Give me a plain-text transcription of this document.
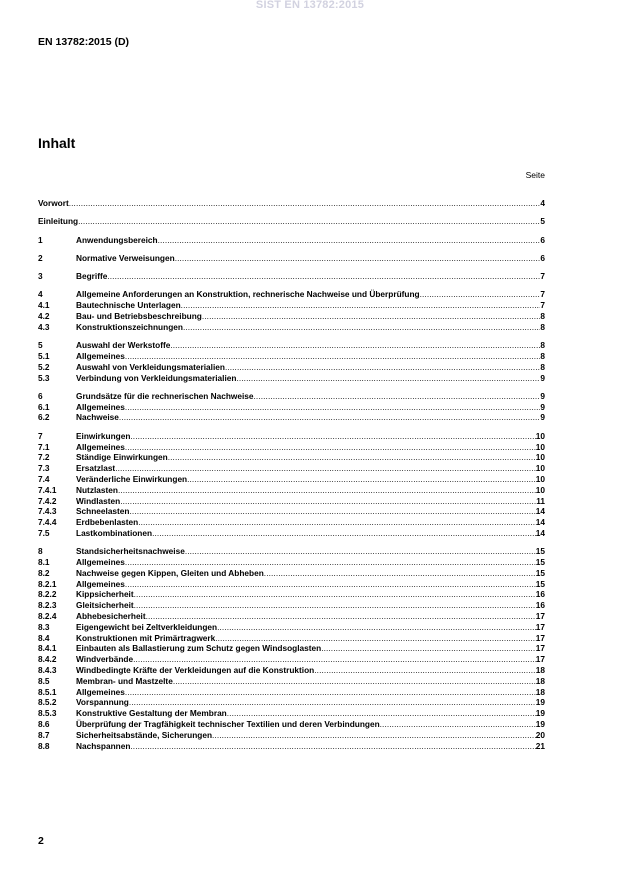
SIST EN 13782:2015
EN 13782:2015 (D)
Inhalt
Seite
Vorwort .....	4
Einleitung .....	5
1	Anwendungsbereich .....	6
2	Normative Verweisungen .....	6
3	Begriffe .....	7
4	Allgemeine Anforderungen an Konstruktion, rechnerische Nachweise und Überprüfung .....	7
4.1	Bautechnische Unterlagen .....	7
4.2	Bau- und Betriebsbeschreibung .....	8
4.3	Konstruktionszeichnungen .....	8
5	Auswahl der Werkstoffe .....	8
5.1	Allgemeines .....	8
5.2	Auswahl von Verkleidungsmaterialien .....	8
5.3	Verbindung von Verkleidungsmaterialien .....	9
6	Grundsätze für die rechnerischen Nachweise .....	9
6.1	Allgemeines .....	9
6.2	Nachweise .....	9
7	Einwirkungen .....	10
7.1	Allgemeines .....	10
7.2	Ständige Einwirkungen .....	10
7.3	Ersatzlast .....	10
7.4	Veränderliche Einwirkungen .....	10
7.4.1	Nutzlasten .....	10
7.4.2	Windlasten .....	11
7.4.3	Schneelasten .....	14
7.4.4	Erdbebenlasten .....	14
7.5	Lastkombinationen .....	14
8	Standsicherheitsnachweise .....	15
8.1	Allgemeines .....	15
8.2	Nachweise gegen Kippen, Gleiten und Abheben .....	15
8.2.1	Allgemeines .....	15
8.2.2	Kippsicherheit .....	16
8.2.3	Gleitsicherheit .....	16
8.2.4	Abhebesicherheit .....	17
8.3	Eigengewicht bei Zeltverkleidungen .....	17
8.4	Konstruktionen mit Primärtragwerk .....	17
8.4.1	Einbauten als Ballastierung zum Schutz gegen Windsoglasten .....	17
8.4.2	Windverbände .....	17
8.4.3	Windbedingte Kräfte der Verkleidungen auf die Konstruktion .....	18
8.5	Membran- und Mastzelte .....	18
8.5.1	Allgemeines .....	18
8.5.2	Vorspannung .....	19
8.5.3	Konstruktive Gestaltung der Membran .....	19
8.6	Überprüfung der Tragfähigkeit technischer Textilien und deren Verbindungen .....	19
8.7	Sicherheitsabstände, Sicherungen .....	20
8.8	Nachspannen .....	21
2
